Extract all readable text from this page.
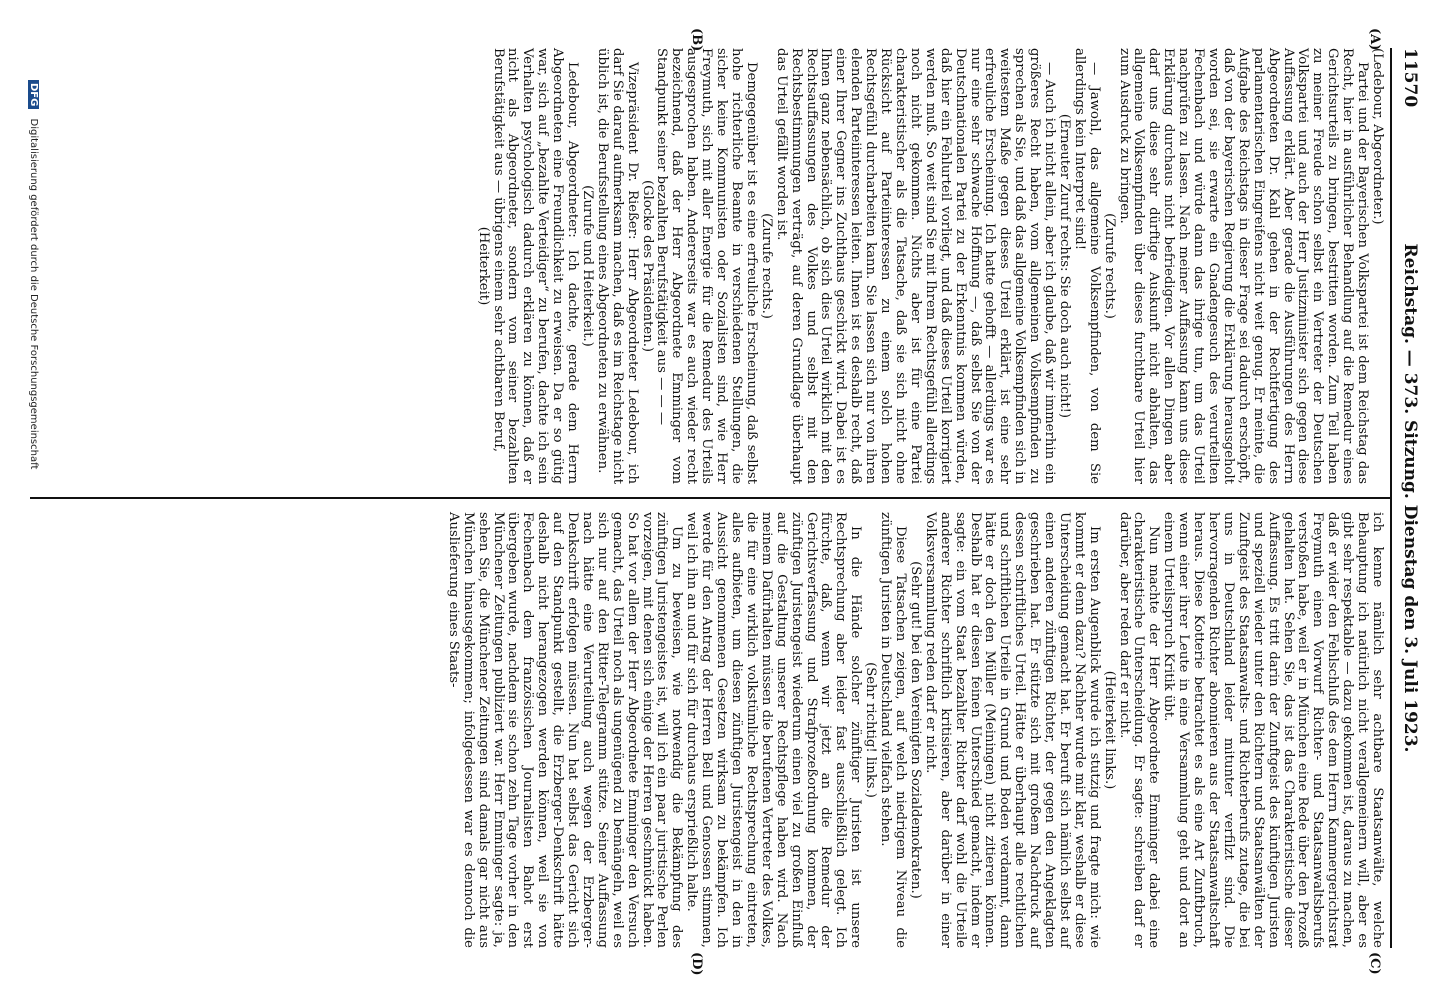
11570
Reichstag. — 373. Sitzung. Dienstag den 3. Juli 1923.
(A)
(B)
(C)
(D)

(Ledebour, Abgeordneter.)

Partei und der Bayerischen Volkspartei ist dem Reichstag das Recht, hier in ausführlicher Behandlung auf die Remedur eines Gerichtsurteils zu bringen, bestritten worden. Zum Teil haben zu meiner Freude schon selbst ein Vertreter der Deutschen Volkspartei und auch der Herr Justizminister sich gegen diese Auffassung erklärt. Aber gerade die Ausführungen des Herrn Abgeordneten Dr. Kahl gehen in der Rechtfertigung des parlamentarischen Eingreifens nicht weit genug. Er meinte, die Aufgabe des Reichstags in dieser Frage sei dadurch erschöpft, daß von der bayerischen Regierung die Erklärung herausgeholt worden sei, sie erwarte ein Gnadengesuch des verurteilten Fechenbach und würde dann das ihrige tun, um das Urteil nachprüfen zu lassen. Nach meiner Auffassung kann uns diese Erklärung durchaus nicht befriedigen. Vor allen Dingen aber darf uns diese sehr dürftige Auskunft nicht abhalten, das allgemeine Volksempfinden über dieses furchtbare Urteil hier zum Ausdruck zu bringen.

(Zurufe rechts.)

— Jawohl, das allgemeine Volksempfinden, von dem Sie allerdings kein Interpret sind!

(Erneuter Zuruf rechts: Sie doch auch nicht!)

— Auch ich nicht allein, aber ich glaube, daß wir immerhin ein größeres Recht haben, vom allgemeinen Volksempfinden zu sprechen als Sie, und daß das allgemeine Volksempfinden sich in weitestem Maße gegen dieses Urteil erklärt, ist eine sehr erfreuliche Erscheinung. Ich hatte gehofft — allerdings war es nur eine sehr schwache Hoffnung —, daß selbst Sie von der Deutschnationalen Partei zu der Erkenntnis kommen würden, daß hier ein Fehlurteil vorliegt, und daß dieses Urteil korrigiert werden muß. So weit sind Sie mit Ihrem Rechtsgefühl allerdings noch nicht gekommen. Nichts aber ist für eine Partei charakteristischer als die Tatsache, daß sie sich nicht ohne Rücksicht auf Parteiinteressen zu einem solch hohen Rechtsgefühl durcharbeiten kann. Sie lassen sich nur von ihren elenden Parteiinteressen leiten. Ihnen ist es deshalb recht, daß einer Ihrer Gegner ins Zuchthaus geschickt wird. Dabei ist es Ihnen ganz nebensächlich, ob sich dies Urteil wirklich mit den Rechtsauffassungen des Volkes und selbst mit den Rechtsbestimmungen verträgt, auf deren Grundlage überhaupt das Urteil gefällt worden ist.

(Zurufe rechts.)

Demgegenüber ist es eine erfreuliche Erscheinung, daß selbst hohe richterliche Beamte in verschiedenen Stellungen, die sicher keine Kommunisten oder Sozialisten sind, wie Herr Freymuth, sich mit aller Energie für die Remedur des Urteils ausgesprochen haben. Andererseits war es auch wieder recht bezeichnend, daß der Herr Abgeordnete Emminger vom Standpunkt seiner bezahlten Berufstätigkeit aus — — —

(Glocke des Präsidenten.)

Vizepräsident Dr. Rießer: Herr Abgeordneter Ledebour, ich darf Sie darauf aufmerksam machen, daß es im Reichstage nicht üblich ist, die Berufsstellung eines Abgeordneten zu erwähnen.

(Zurufe und Heiterkeit.)

Ledebour, Abgeordneter: Ich dachte, gerade dem Herrn Abgeordneten eine Freundlichkeit zu erweisen. Da er so gütig war, sich auf „bezahlte Verteidiger“ zu berufen, dachte ich sein Verhalten psychologisch dadurch erklären zu können, daß er nicht als Abgeordneter, sondern vom seiner bezahlten Berufstätigkeit aus — übrigens einem sehr achtbaren Beruf,

(Heiterkeit)

ich kenne nämlich sehr achtbare Staatsanwälte, welche Behauptung ich natürlich nicht verallgemeinern will, aber es gibt sehr respektable — dazu gekommen ist, daraus zu machen, daß er wider den Fehlschluß des dem Herrn Kammergerichtsrat Freymuth einen Vorwurf Richter- und Staatsanwaltsberufs verstoßen habe, weil er in München eine Rede über den Prozeß gehalten hat. Sehen Sie, das ist das Charakteristische dieser Auffassung. Es tritt darin der Zunftgeist des künftigen Juristen und speziell wieder unter den Richtern und Staatsanwälten der Zunftgeist des Staatsanwalts- und Richterberufs zutage, die bei uns in Deutschland leider mitunter verfilzt sind. Die hervorragenden Richter abonnieren aus der Staatsanwaltschaft heraus. Diese Kotterie betrachtet es als eine Art Zunftbruch, wenn einer ihrer Leute in eine Versammlung geht und dort an einem Urteilsspruch Kritik übt.

Nun machte der Herr Abgeordnete Emminger dabei eine charakteristische Unterscheidung. Er sagte: schreiben darf er darüber, aber reden darf er nicht.

(Heiterkeit links.)

Im ersten Augenblick wurde ich stutzig und fragte mich: wie kommt er denn dazu? Nachher wurde mir klar, weshalb er diese Unterscheidung gemacht hat. Er beruft sich nämlich selbst auf einen anderen zünftigen Richter, der gegen den Angeklagten geschrieben hat. Er stützte sich mit großem Nachdruck auf dessen schriftliches Urteil. Hätte er überhaupt alle rechtlichen und schriftlichen Urteile in Grund und Boden verdammt, dann hätte er doch den Müller (Meiningen) nicht zitieren können. Deshalb hat er diesen feinen Unterschied gemacht, indem er sagte: ein vom Staat bezahlter Richter darf wohl die Urteile anderer Richter schriftlich kritisieren, aber darüber in einer Volksversammlung reden darf er nicht.

(Sehr gut! bei den Vereinigten Sozialdemokraten.)

Diese Tatsachen zeigen, auf welch niedrigem Niveau die zünftigen Juristen in Deutschland vielfach stehen.

(Sehr richtig! links.)

In die Hände solcher zünftiger Juristen ist unsere Rechtsprechung aber leider fast ausschließlich gelegt. Ich fürchte, daß, wenn wir jetzt an die Remedur der Gerichtsverfassung und Strafprozeßordnung kommen, der zünftigen Juristengeist wiederum einen viel zu großen Einfluß auf die Gestaltung unserer Rechtspflege haben wird. Nach meinem Dafürhalten müssen die berufenen Vertreter des Volkes, die für eine wirklich volkstümliche Rechtsprechung eintreten, alles aufbieten, um diesen zünftigen Juristengeist in den in Aussicht genommenen Gesetzen wirksam zu bekämpfen. Ich werde für den Antrag der Herren Bell und Genossen stimmen, weil ich ihn an und für sich für durchaus ersprießlich halte.

Um zu beweisen, wie notwendig die Bekämpfung des zünftigen Juristengeistes ist, will ich ein paar juristische Perlen vorzeigen, mit denen sich einige der Herren geschmückt haben. So hat vor allem der Herr Abgeordnete Emminger den Versuch gemacht, das Urteil noch als ungenügend zu bemängeln, weil es sich nur auf den Ritter-Telegramm stütze. Seiner Auffassung nach hätte eine Verurteilung auch wegen der Erzberger-Denkschrift erfolgen müssen. Nun hat selbst das Gericht sich auf den Standpunkt gestellt, die Erzberger-Denkschrift hätte deshalb nicht herangezogen werden können, weil sie von Fechenbach dem französischen Journalisten Bahot erst übergeben wurde, nachdem sie schon zehn Tage vorher in den Münchener Zeitungen publiziert war. Herr Emminger sagte: ja, sehen Sie, die Münchener Zeitungen sind damals gar nicht aus München hinausgekommen; infolgedessen war es dennoch die Auslieferung eines Staats-

DFG Digitalisierung gefördert durch die Deutsche Forschungsgemeinschaft
